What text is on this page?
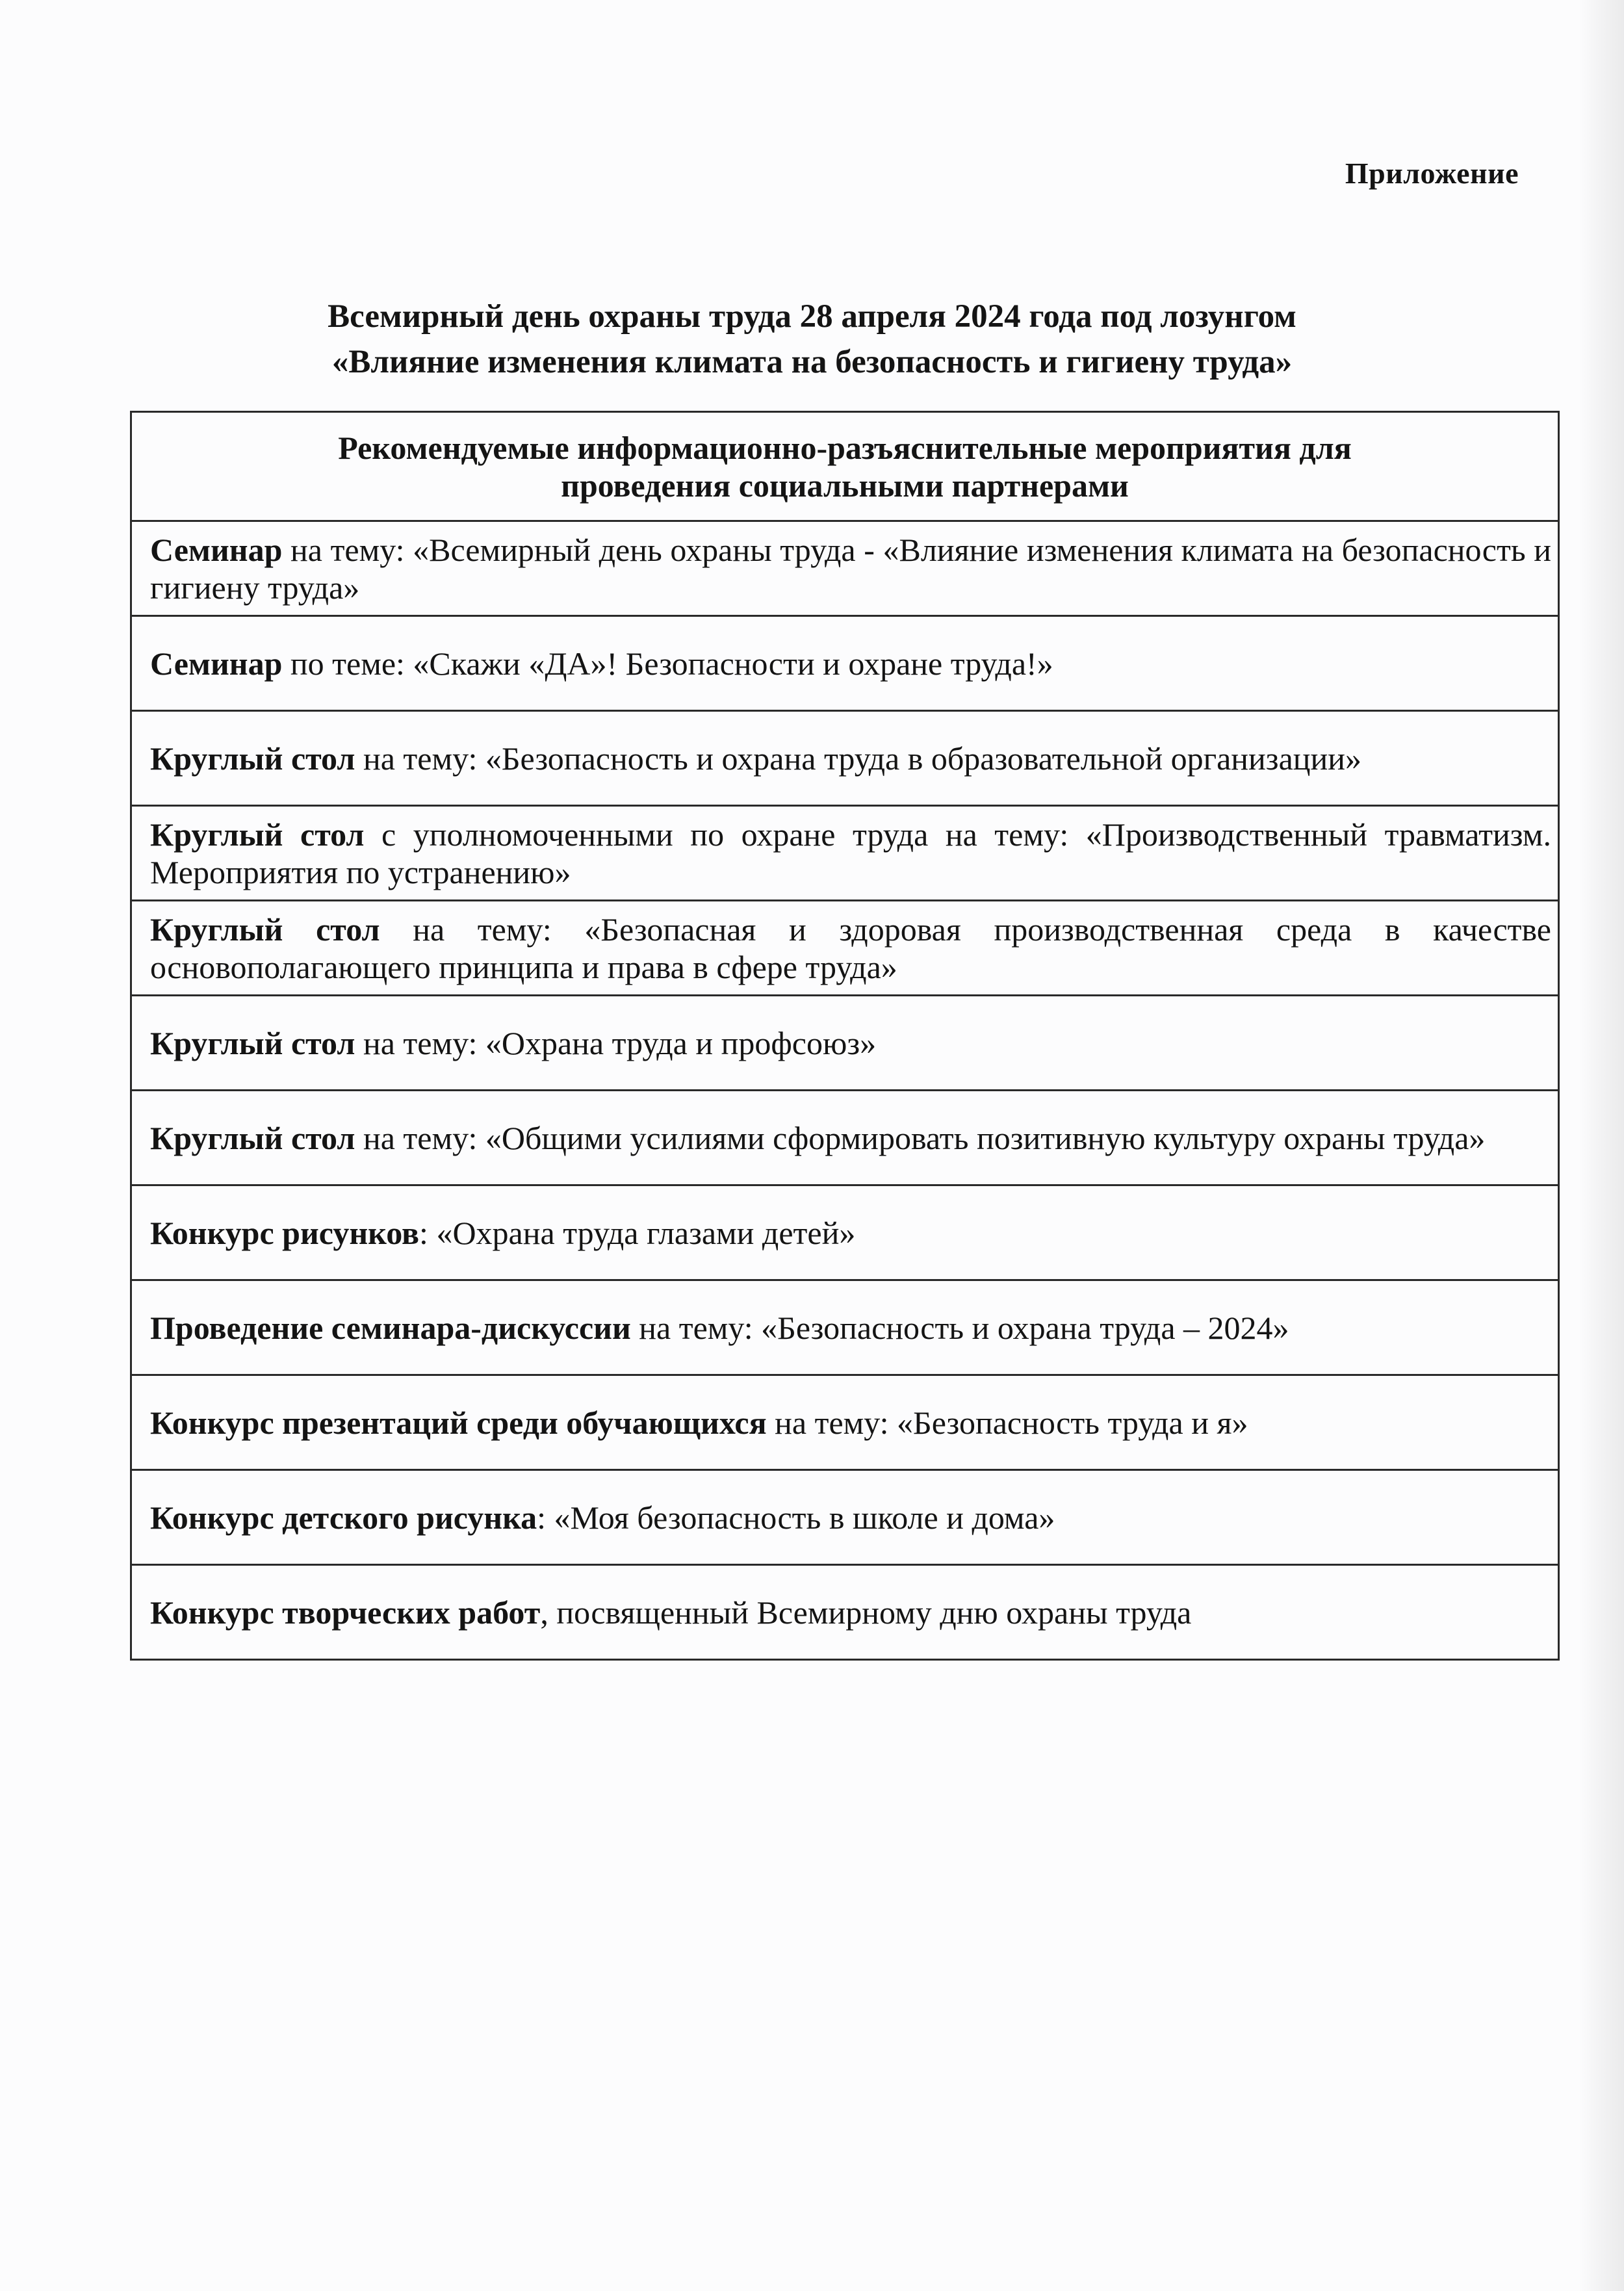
Приложение
Всемирный день охраны труда 28 апреля 2024 года под лозунгом
«Влияние изменения климата на безопасность и гигиену труда»
Рекомендуемые информационно-разъяснительные мероприятия для
проведения социальными партнерами

Семинар на тему: «Всемирный день охраны труда - «Влияние изменения климата на безопасность и гигиену труда»
Семинар по теме: «Скажи «ДА»! Безопасности и охране труда!»
Круглый стол на тему: «Безопасность и охрана труда в образовательной организации»
Круглый стол с уполномоченными по охране труда на тему: «Производственный травматизм. Мероприятия по устранению»
Круглый стол на тему: «Безопасная и здоровая производственная среда в качестве основополагающего принципа и права в сфере труда»
Круглый стол на тему: «Охрана труда и профсоюз»
Круглый стол на тему: «Общими усилиями сформировать позитивную культуру охраны труда»
Конкурс рисунков: «Охрана труда глазами детей»
Проведение семинара-дискуссии на тему: «Безопасность и охрана труда – 2024»
Конкурс презентаций среди обучающихся на тему: «Безопасность труда и я»
Конкурс детского рисунка: «Моя безопасность в школе и дома»
Конкурс творческих работ, посвященный Всемирному дню охраны труда
